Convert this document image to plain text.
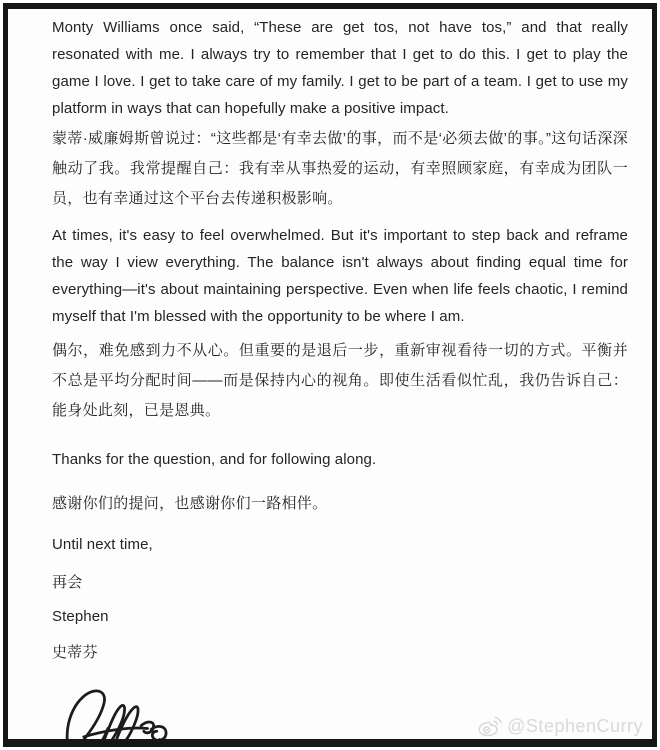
Monty Williams once said, “These are get tos, not have tos,” and that really resonated with me. I always try to remember that I get to do this. I get to play the game I love. I get to take care of my family. I get to be part of a team. I get to use my platform in ways that can hopefully make a positive impact.

蒙蒂·威廉姆斯曾说过：“这些都是‘有幸去做’的事，而不是‘必须去做’的事。”这句话深深触动了我。我常提醒自己：我有幸从事热爱的运动，有幸照顾家庭，有幸成为团队一员，也有幸通过这个平台去传递积极影响。

At times, it's easy to feel overwhelmed. But it's important to step back and reframe the way I view everything. The balance isn't always about finding equal time for everything—it's about maintaining perspective. Even when life feels chaotic, I remind myself that I'm blessed with the opportunity to be where I am.

偶尔，难免感到力不从心。但重要的是退后一步，重新审视看待一切的方式。平衡并不总是平均分配时间——而是保持内心的视角。即使生活看似忙乱，我仍告诉自己：能身处此刻，已是恩典。

Thanks for the question, and for following along.

感谢你们的提问，也感谢你们一路相伴。

Until next time,

再会

Stephen

史蒂芬

@StephenCurry
